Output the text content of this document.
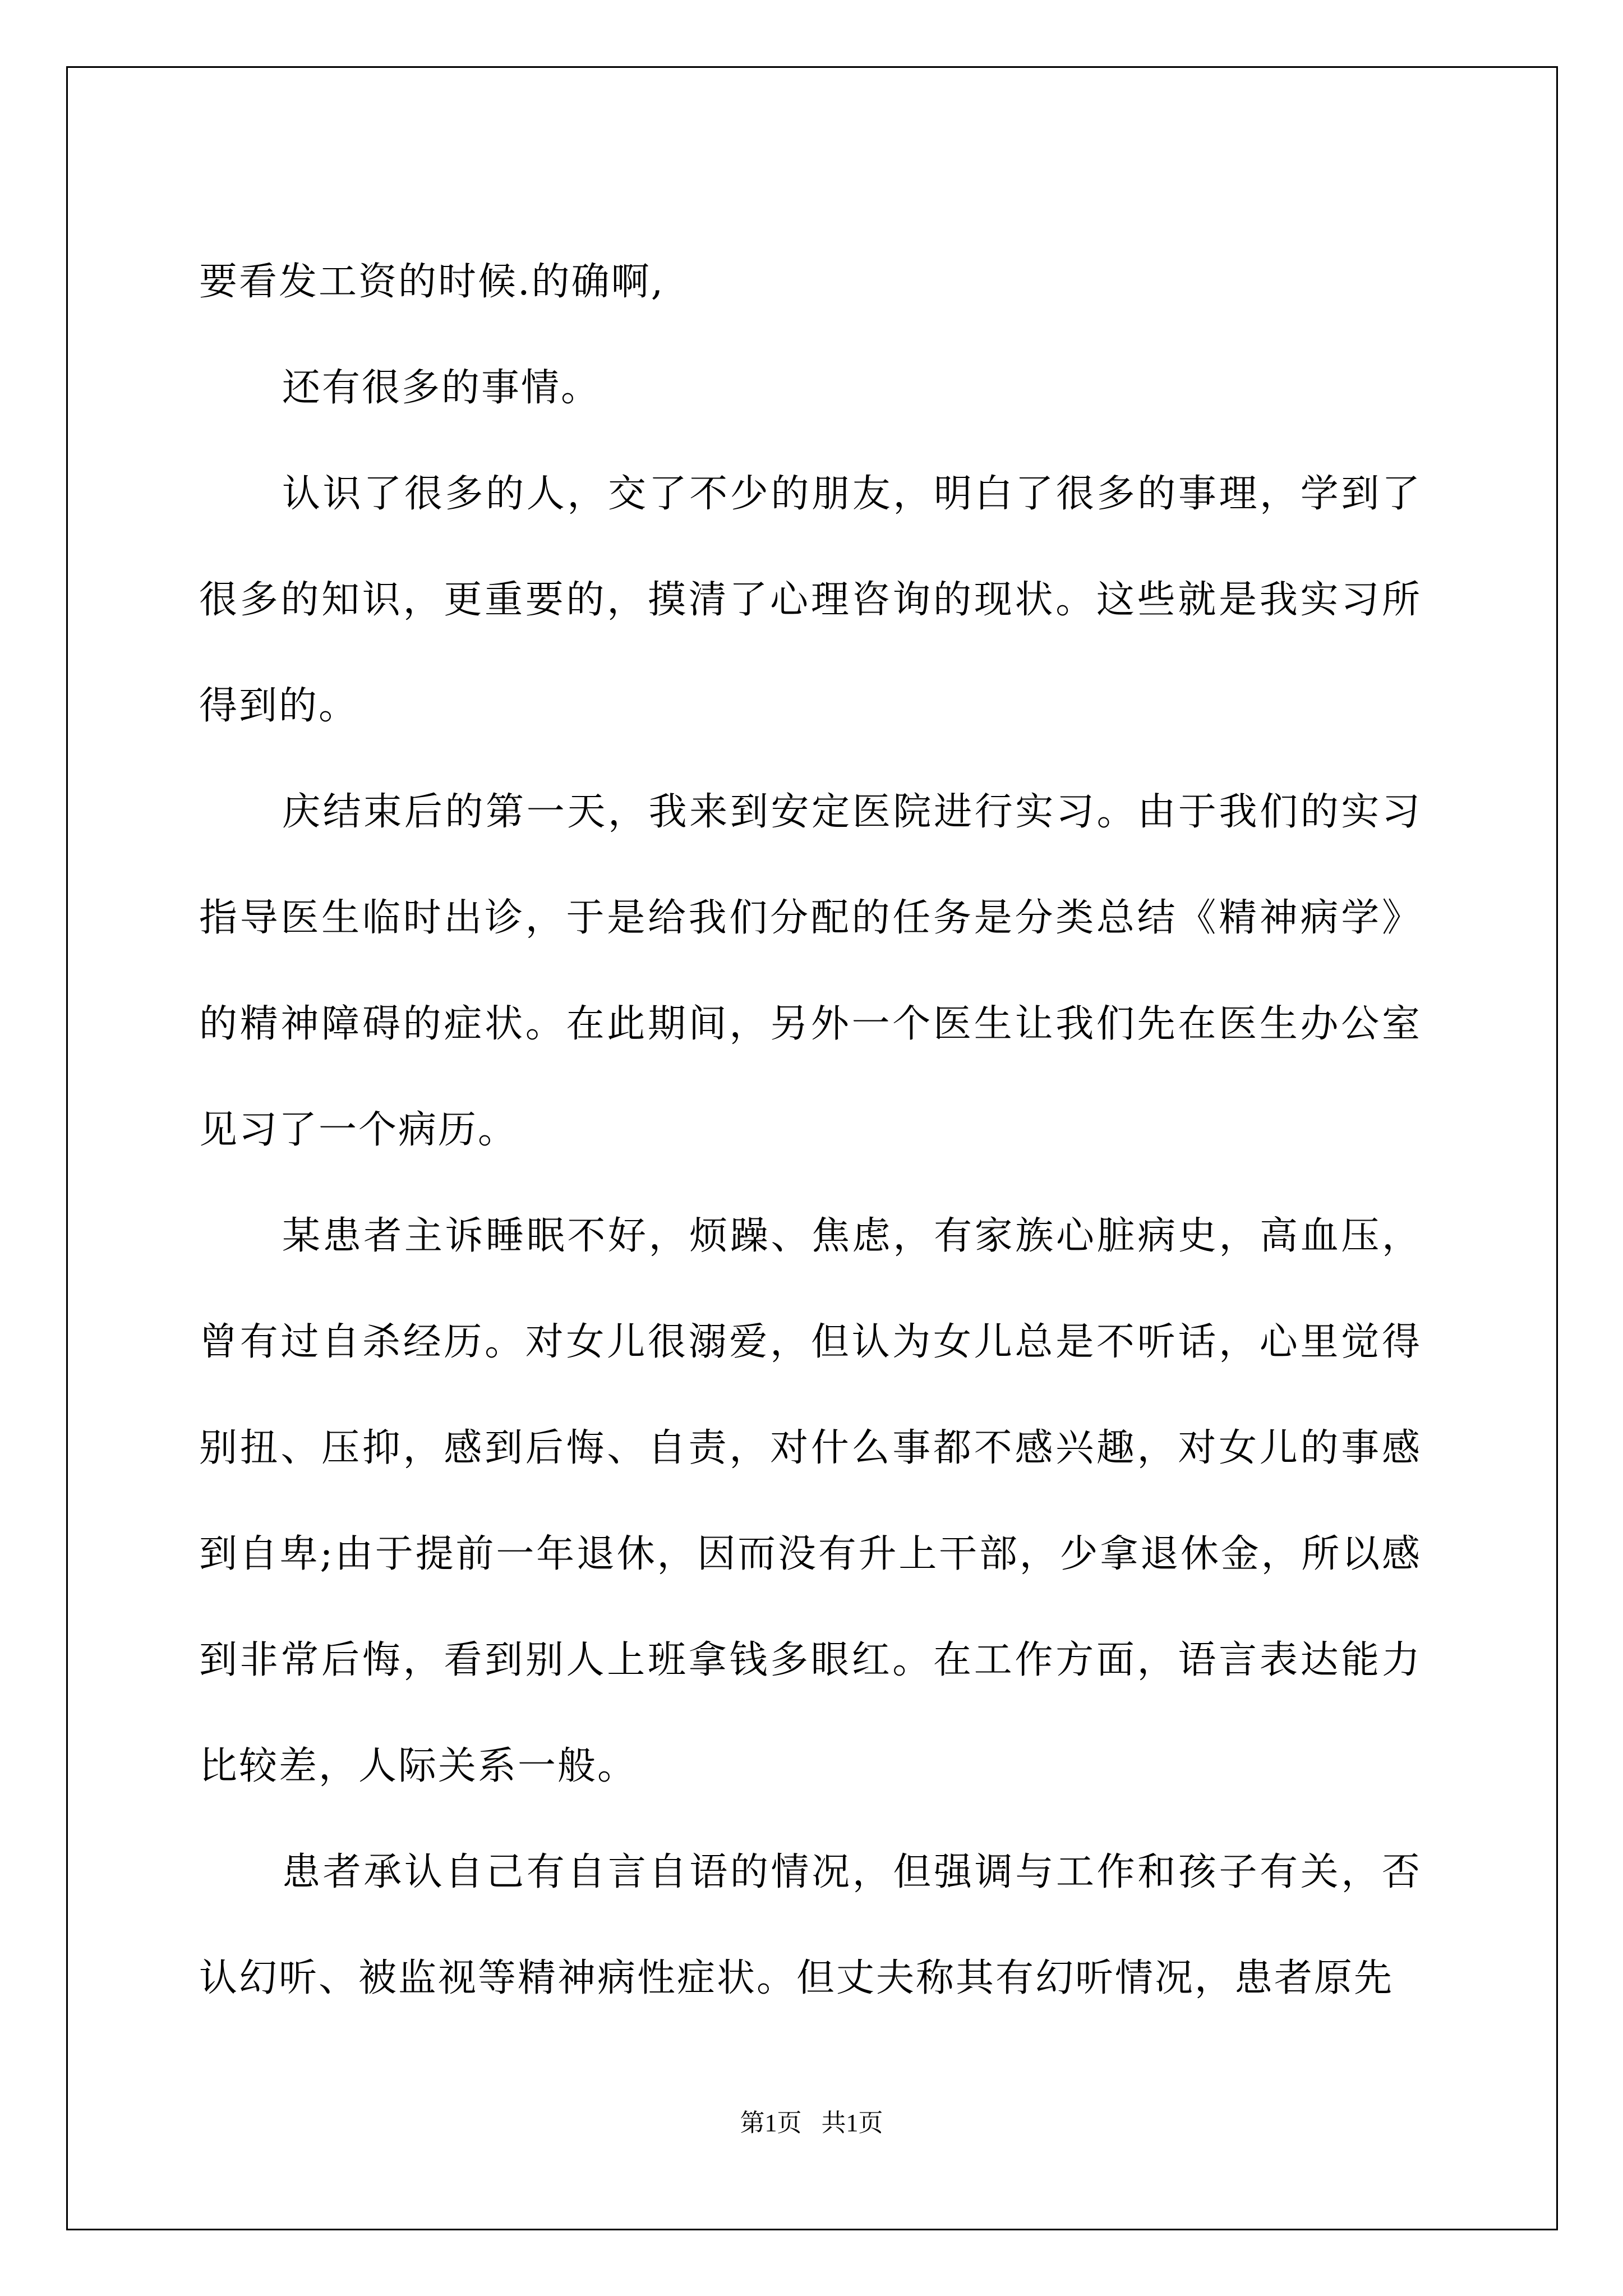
要看发工资的时候.的确啊,

还有很多的事情。

认识了很多的人，交了不少的朋友，明白了很多的事理，学到了很多的知识，更重要的，摸清了心理咨询的现状。这些就是我实习所得到的。

庆结束后的第一天，我来到安定医院进行实习。由于我们的实习指导医生临时出诊，于是给我们分配的任务是分类总结《精神病学》的精神障碍的症状。在此期间，另外一个医生让我们先在医生办公室见习了一个病历。

某患者主诉睡眠不好，烦躁、焦虑，有家族心脏病史，高血压，曾有过自杀经历。对女儿很溺爱，但认为女儿总是不听话，心里觉得别扭、压抑，感到后悔、自责，对什么事都不感兴趣，对女儿的事感到自卑;由于提前一年退休，因而没有升上干部，少拿退休金，所以感到非常后悔，看到别人上班拿钱多眼红。在工作方面，语言表达能力比较差，人际关系一般。

患者承认自己有自言自语的情况，但强调与工作和孩子有关，否认幻听、被监视等精神病性症状。但丈夫称其有幻听情况，患者原先

第1页 共1页
